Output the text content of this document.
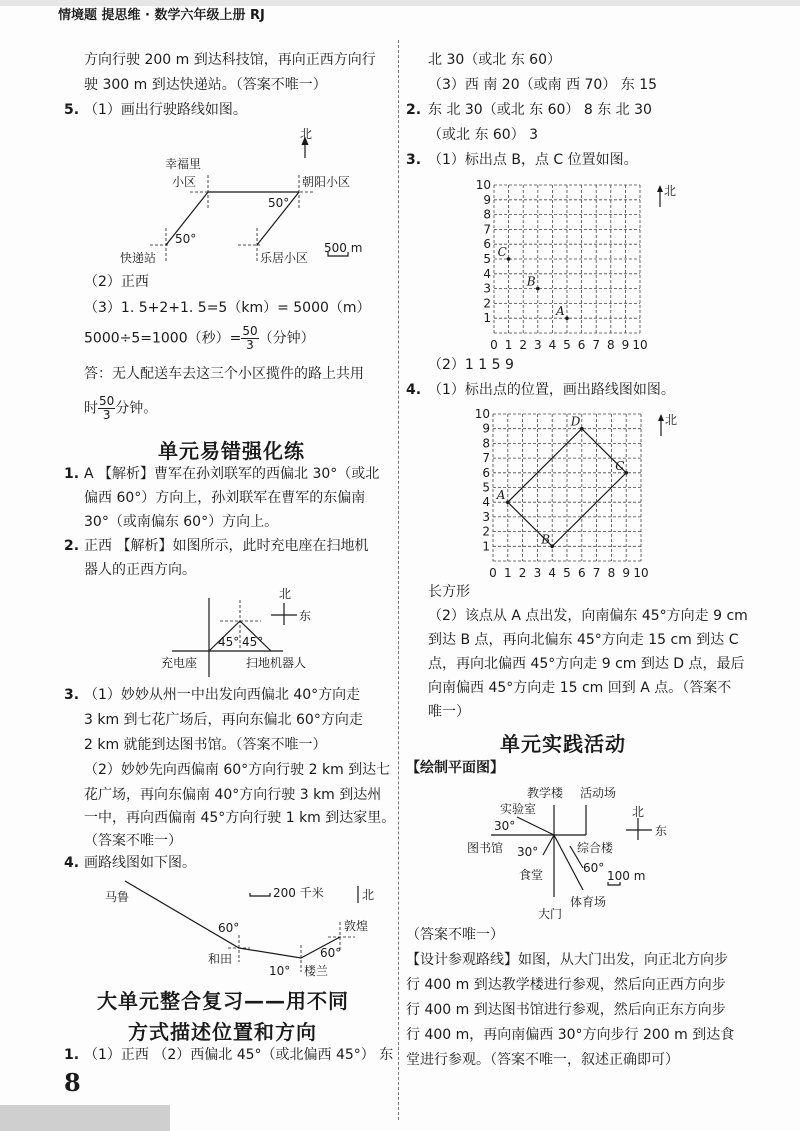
情境题 提思维 · 数学六年级上册 RJ
方向行驶 200 m 到达科技馆，再向正西方向行
驶 300 m 到达快递站。（答案不唯一）
5. （1）画出行驶路线如图。
（2）正西
（3）1. 5+2+1. 5=5（km）= 5000（m）
5000÷5=1000（秒）= $\frac{50}{3}$ （分钟）
答：无人配送车去这三个小区揽件的路上共用
时 $\frac{50}{3}$ 分钟。
单元易错强化练
1. A 【解析】曹军在孙刘联军的西偏北 30°（或北
偏西 60°）方向上，孙刘联军在曹军的东偏南
30°（或南偏东 60°）方向上。
2. 正西 【解析】如图所示，此时充电座在扫地机
器人的正西方向。
3. （1）妙妙从州一中出发向西偏北 40°方向走
3 km 到七花广场后，再向东偏北 60°方向走
2 km 就能到达图书馆。（答案不唯一）
（2）妙妙先向西偏南 60°方向行驶 2 km 到达七
花广场，再向东偏南 40°方向行驶 3 km 到达州
一中，再向西偏南 45°方向行驶 1 km 到达家里。
（答案不唯一）
4. 画路线图如下图。
大单元整合复习——用不同
方式描述位置和方向
1. （1）正西 （2）西偏北 45°（或北偏西 45°） 东
8
北 30（或北 东 60）
（3）西 南 20（或南 西 70） 东 15
2. 东 北 30（或北 东 60） 8 东 北 30
（或北 东 60） 3
3. （1）标出点 B，点 C 位置如图。
（2）1 1 5 9
4. （1）标出点的位置，画出路线图如图。
长方形
（2）该点从 A 点出发，向南偏东 45°方向走 9 cm
到达 B 点，再向北偏东 45°方向走 15 cm 到达 C
点，再向北偏西 45°方向走 9 cm 到达 D 点，最后
向南偏西 45°方向走 15 cm 回到 A 点。（答案不
唯一）
单元实践活动
【绘制平面图】
（答案不唯一）
【设计参观路线】如图，从大门出发，向正北方向步
行 400 m 到达教学楼进行参观，然后向正西方向步
行 400 m 到达图书馆进行参观，然后向正东方向步
行 400 m，再向南偏西 30°方向步行 200 m 到达食
堂进行参观。（答案不唯一，叙述正确即可）
0 1
1
2
2
3
3
4
4
5
5
6
6
7
7
8
8
9
9
10
10
A
B
C
北
0 1
1
2
2
3
3
4
4
5
5
6
6
7
7
8
8
9
9
10
10
A
B
C
D	北
北
幸福里
小区	朝阳小区
50°
50°
快递站	乐居小区
500 m
北
东
45° 45°
充电座	扫地机器人
马鲁
60°
和田
10° 楼兰
60°
敦煌
200 千米	北
教学楼 活动场
实验室
30°
图书馆 30°	综合楼
60°
食堂	100 m
大门
体育场
北
东
